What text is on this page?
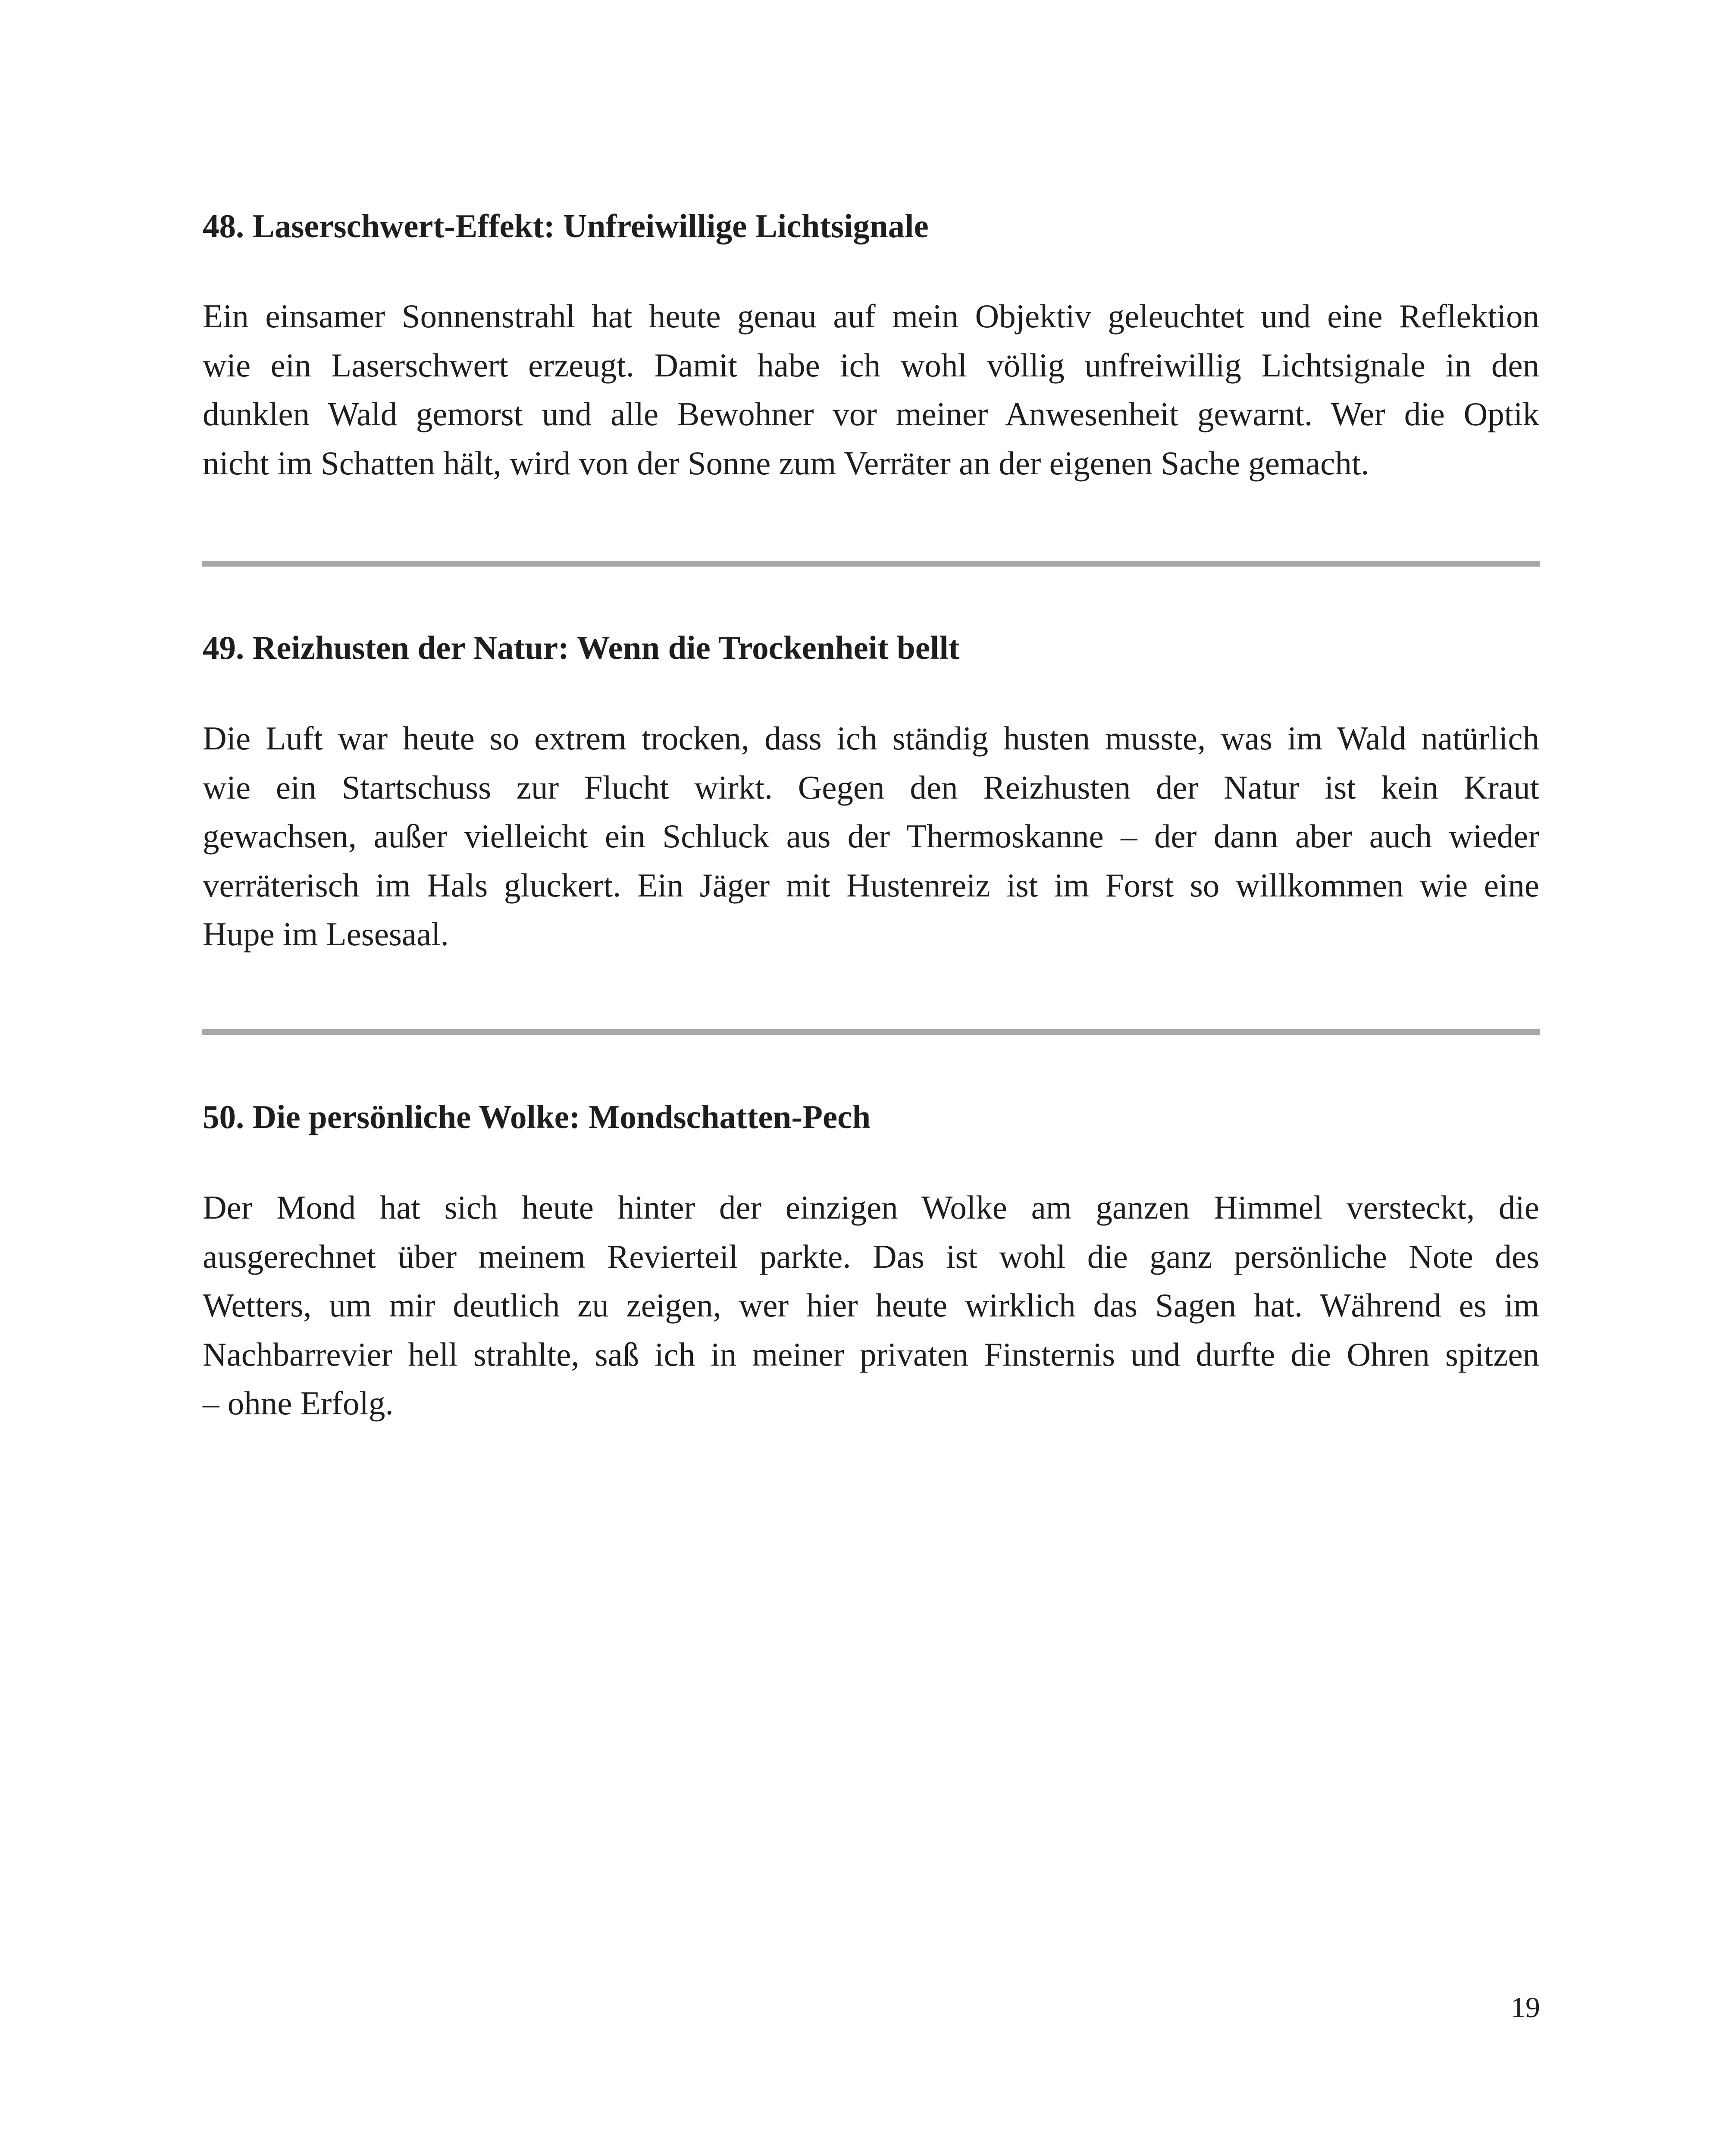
48. Laserschwert-Effekt: Unfreiwillige Lichtsignale
Ein einsamer Sonnenstrahl hat heute genau auf mein Objektiv geleuchtet und eine Reflektion
wie ein Laserschwert erzeugt. Damit habe ich wohl völlig unfreiwillig Lichtsignale in den
dunklen Wald gemorst und alle Bewohner vor meiner Anwesenheit gewarnt. Wer die Optik
nicht im Schatten hält, wird von der Sonne zum Verräter an der eigenen Sache gemacht.
49. Reizhusten der Natur: Wenn die Trockenheit bellt
Die Luft war heute so extrem trocken, dass ich ständig husten musste, was im Wald natürlich
wie ein Startschuss zur Flucht wirkt. Gegen den Reizhusten der Natur ist kein Kraut
gewachsen, außer vielleicht ein Schluck aus der Thermoskanne – der dann aber auch wieder
verräterisch im Hals gluckert. Ein Jäger mit Hustenreiz ist im Forst so willkommen wie eine
Hupe im Lesesaal.
50. Die persönliche Wolke: Mondschatten-Pech
Der Mond hat sich heute hinter der einzigen Wolke am ganzen Himmel versteckt, die
ausgerechnet über meinem Revierteil parkte. Das ist wohl die ganz persönliche Note des
Wetters, um mir deutlich zu zeigen, wer hier heute wirklich das Sagen hat. Während es im
Nachbarrevier hell strahlte, saß ich in meiner privaten Finsternis und durfte die Ohren spitzen
– ohne Erfolg.

19
